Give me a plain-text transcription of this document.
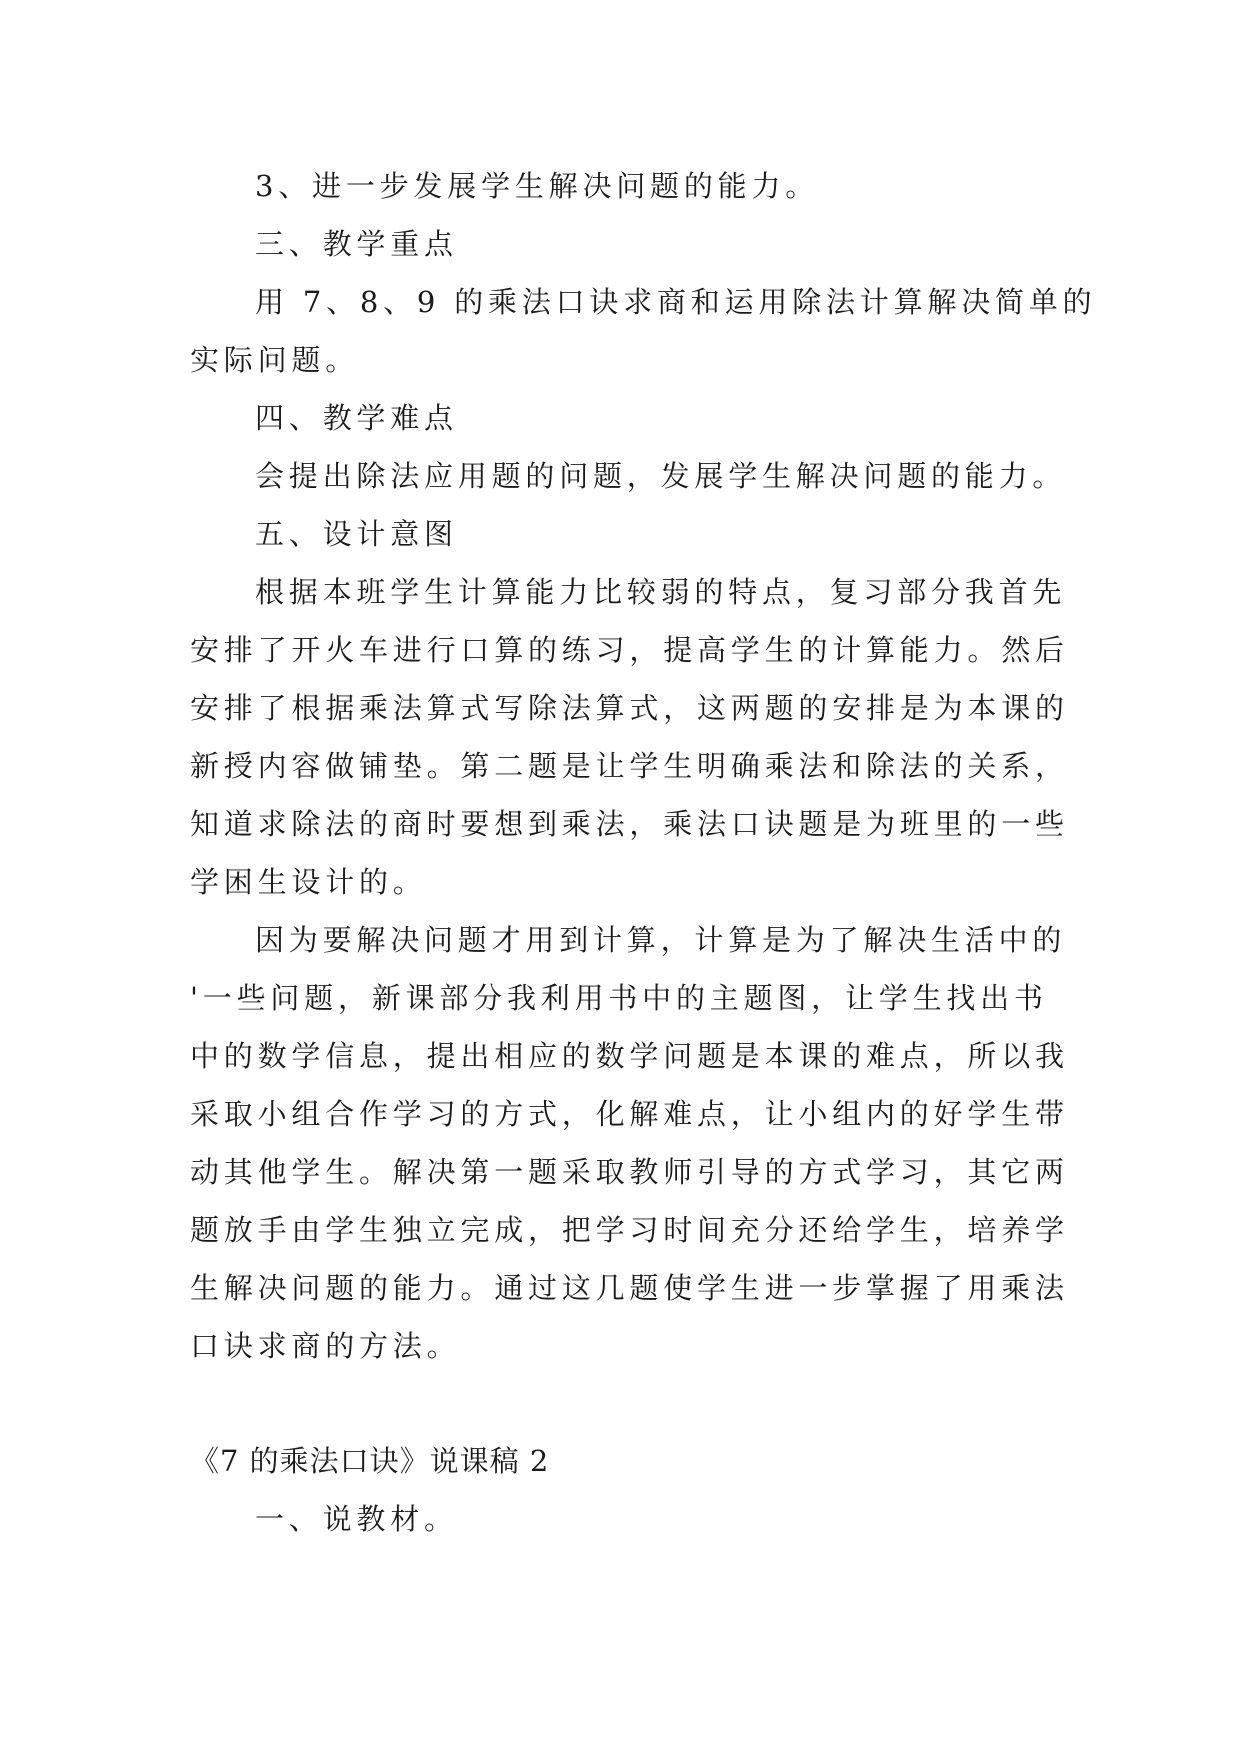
3、进一步发展学生解决问题的能力。

三、教学重点

用 7、8、9 的乘法口诀求商和运用除法计算解决简单的

实际问题。

四、教学难点

会提出除法应用题的问题，发展学生解决问题的能力。

五、设计意图

根据本班学生计算能力比较弱的特点，复习部分我首先

安排了开火车进行口算的练习，提高学生的计算能力。然后

安排了根据乘法算式写除法算式，这两题的安排是为本课的

新授内容做铺垫。第二题是让学生明确乘法和除法的关系，

知道求除法的商时要想到乘法，乘法口诀题是为班里的一些

学困生设计的。

因为要解决问题才用到计算，计算是为了解决生活中的

'一些问题，新课部分我利用书中的主题图，让学生找出书

中的数学信息，提出相应的数学问题是本课的难点，所以我

采取小组合作学习的方式，化解难点，让小组内的好学生带

动其他学生。解决第一题采取教师引导的方式学习，其它两

题放手由学生独立完成，把学习时间充分还给学生，培养学

生解决问题的能力。通过这几题使学生进一步掌握了用乘法

口诀求商的方法。

《7 的乘法口诀》说课稿 2

一、说教材。
